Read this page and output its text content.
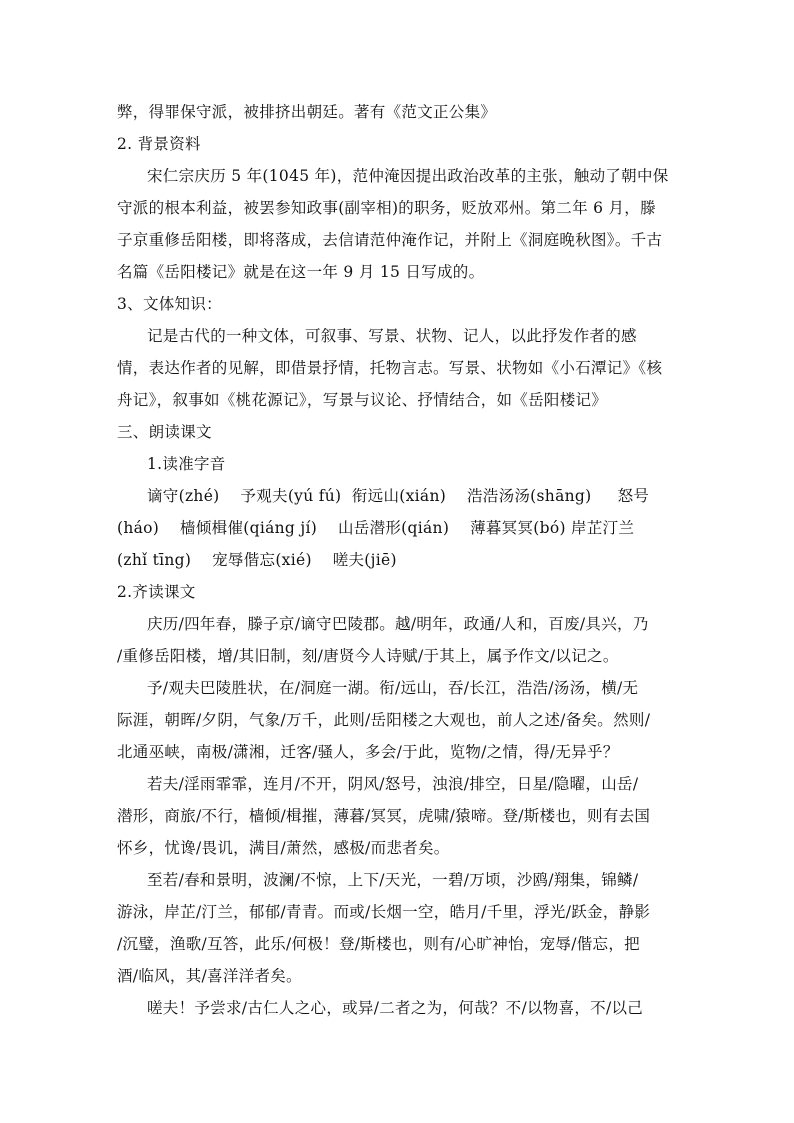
弊，得罪保守派，被排挤出朝廷。著有《范文正公集》
2. 背景资料
宋仁宗庆历 5 年(1045 年)，范仲淹因提出政治改革的主张，触动了朝中保
守派的根本利益，被罢参知政事(副宰相)的职务，贬放邓州。第二年 6 月，滕
子京重修岳阳楼，即将落成，去信请范仲淹作记，并附上《洞庭晚秋图》。千古
名篇《岳阳楼记》就是在这一年 9 月 15 日写成的。
3、文体知识：
记是古代的一种文体，可叙事、写景、状物、记人，以此抒发作者的感
情，表达作者的见解，即借景抒情，托物言志。写景、状物如《小石潭记》《核
舟记》，叙事如《桃花源记》，写景与议论、抒情结合，如《岳阳楼记》
三、朗读课文
1.读准字音
谪守(zhé)    予观夫(yú fú)  衔远山(xián)    浩浩汤汤(shāng)     怒号
(háo)    樯倾楫催(qiáng jí)    山岳潜形(qián)    薄暮冥冥(bó) 岸芷汀兰
(zhǐ tīng)    宠辱偕忘(xié)    嗟夫(jiē)
2.齐读课文
庆历/四年春，滕子京/谪守巴陵郡。越/明年，政通/人和，百废/具兴，乃
/重修岳阳楼，增/其旧制，刻/唐贤今人诗赋/于其上，属予作文/以记之。
予/观夫巴陵胜状，在/洞庭一湖。衔/远山，吞/长江，浩浩/汤汤，横/无
际涯，朝晖/夕阴，气象/万千，此则/岳阳楼之大观也，前人之述/备矣。然则/
北通巫峡，南极/潇湘，迁客/骚人，多会/于此，览物/之情，得/无异乎？
若夫/淫雨霏霏，连月/不开，阴风/怒号，浊浪/排空，日星/隐曜，山岳/
潜形，商旅/不行，樯倾/楫摧，薄暮/冥冥，虎啸/猿啼。登/斯楼也，则有去国
怀乡，忧谗/畏讥，满目/萧然，感极/而悲者矣。
至若/春和景明，波澜/不惊，上下/天光，一碧/万顷，沙鸥/翔集，锦鳞/
游泳，岸芷/汀兰，郁郁/青青。而或/长烟一空，皓月/千里，浮光/跃金，静影
/沉璧，渔歌/互答，此乐/何极！登/斯楼也，则有/心旷神怡，宠辱/偕忘，把
酒/临风，其/喜洋洋者矣。
嗟夫！予尝求/古仁人之心，或异/二者之为，何哉？不/以物喜，不/以己
